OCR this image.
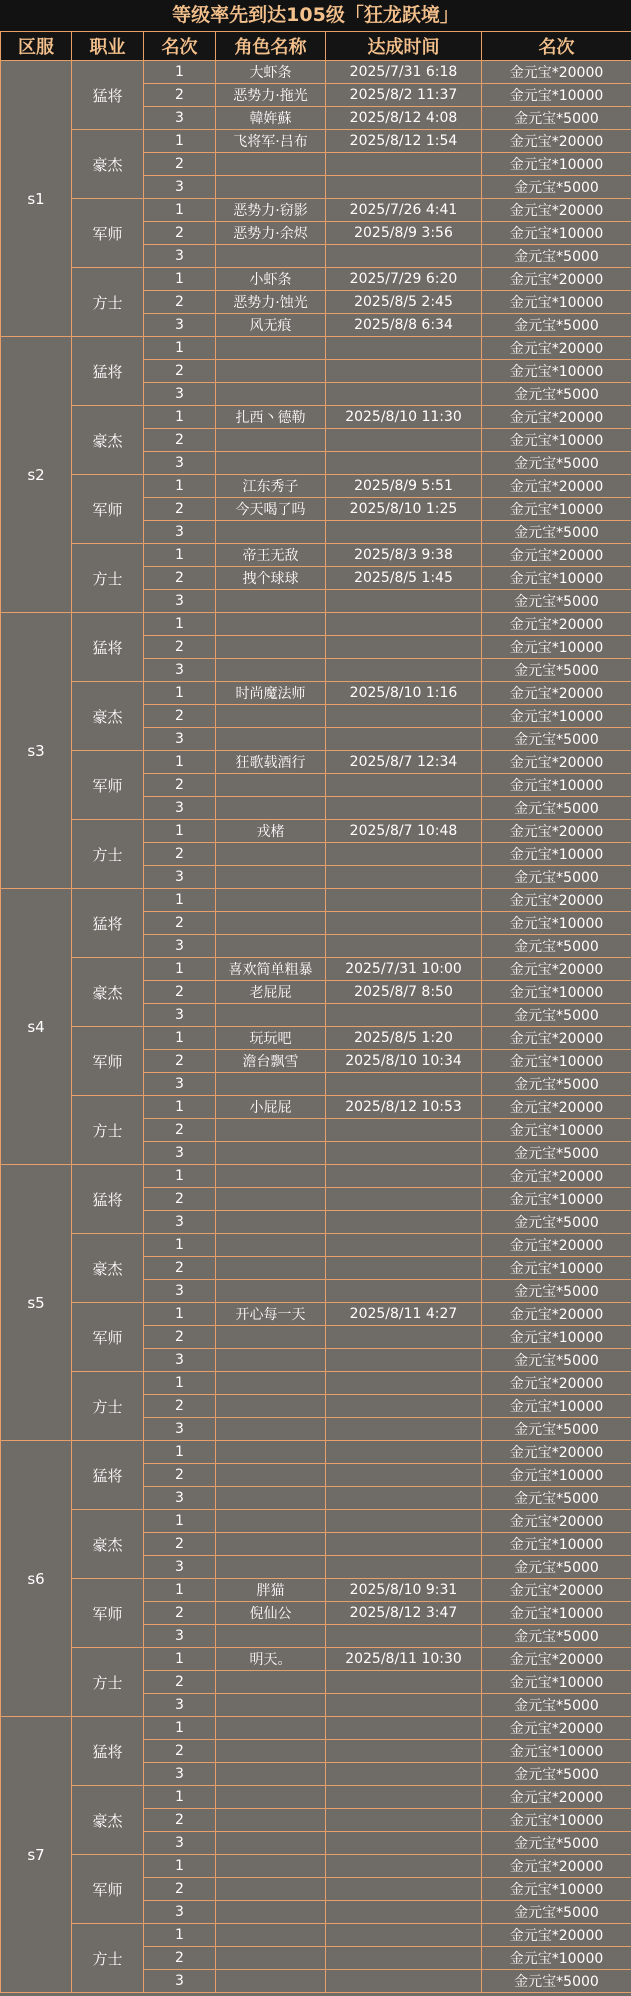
等级率先到达105级「狂龙跃境」
区服	职业	名次	角色名称	达成时间	名次
s1	猛将	1	大虾条	2025/7/31 6:18	金元宝*20000
		2	恶势力·拖光	2025/8/2 11:37	金元宝*10000
		3	韓姩蘇	2025/8/12 4:08	金元宝*5000
	豪杰	1	飞将军·吕布	2025/8/12 1:54	金元宝*20000
		2			金元宝*10000
		3			金元宝*5000
	军师	1	恶势力·窃影	2025/7/26 4:41	金元宝*20000
		2	恶势力·余烬	2025/8/9 3:56	金元宝*10000
		3			金元宝*5000
	方士	1	小虾条	2025/7/29 6:20	金元宝*20000
		2	恶势力·蚀光	2025/8/5 2:45	金元宝*10000
		3	风无痕	2025/8/8 6:34	金元宝*5000
s2	猛将	1			金元宝*20000
		2			金元宝*10000
		3			金元宝*5000
	豪杰	1	扎西丶德勒	2025/8/10 11:30	金元宝*20000
		2			金元宝*10000
		3			金元宝*5000
	军师	1	江东秀子	2025/8/9 5:51	金元宝*20000
		2	今天喝了吗	2025/8/10 1:25	金元宝*10000
		3			金元宝*5000
	方士	1	帝王无敌	2025/8/3 9:38	金元宝*20000
		2	拽个球球	2025/8/5 1:45	金元宝*10000
		3			金元宝*5000
s3	猛将	1			金元宝*20000
		2			金元宝*10000
		3			金元宝*5000
	豪杰	1	时尚魔法师	2025/8/10 1:16	金元宝*20000
		2			金元宝*10000
		3			金元宝*5000
	军师	1	狂歌载酒行	2025/8/7 12:34	金元宝*20000
		2			金元宝*10000
		3			金元宝*5000
	方士	1	戎楮	2025/8/7 10:48	金元宝*20000
		2			金元宝*10000
		3			金元宝*5000
s4	猛将	1			金元宝*20000
		2			金元宝*10000
		3			金元宝*5000
	豪杰	1	喜欢简单粗暴	2025/7/31 10:00	金元宝*20000
		2	老屁屁	2025/8/7 8:50	金元宝*10000
		3			金元宝*5000
	军师	1	玩玩吧	2025/8/5 1:20	金元宝*20000
		2	澹台飘雪	2025/8/10 10:34	金元宝*10000
		3			金元宝*5000
	方士	1	小屁屁	2025/8/12 10:53	金元宝*20000
		2			金元宝*10000
		3			金元宝*5000
s5	猛将	1			金元宝*20000
		2			金元宝*10000
		3			金元宝*5000
	豪杰	1			金元宝*20000
		2			金元宝*10000
		3			金元宝*5000
	军师	1	开心每一天	2025/8/11 4:27	金元宝*20000
		2			金元宝*10000
		3			金元宝*5000
	方士	1			金元宝*20000
		2			金元宝*10000
		3			金元宝*5000
s6	猛将	1			金元宝*20000
		2			金元宝*10000
		3			金元宝*5000
	豪杰	1			金元宝*20000
		2			金元宝*10000
		3			金元宝*5000
	军师	1	胖猫	2025/8/10 9:31	金元宝*20000
		2	倪仙公	2025/8/12 3:47	金元宝*10000
		3			金元宝*5000
	方士	1	明天。	2025/8/11 10:30	金元宝*20000
		2			金元宝*10000
		3			金元宝*5000
s7	猛将	1			金元宝*20000
		2			金元宝*10000
		3			金元宝*5000
	豪杰	1			金元宝*20000
		2			金元宝*10000
		3			金元宝*5000
	军师	1			金元宝*20000
		2			金元宝*10000
		3			金元宝*5000
	方士	1			金元宝*20000
		2			金元宝*10000
		3			金元宝*5000
